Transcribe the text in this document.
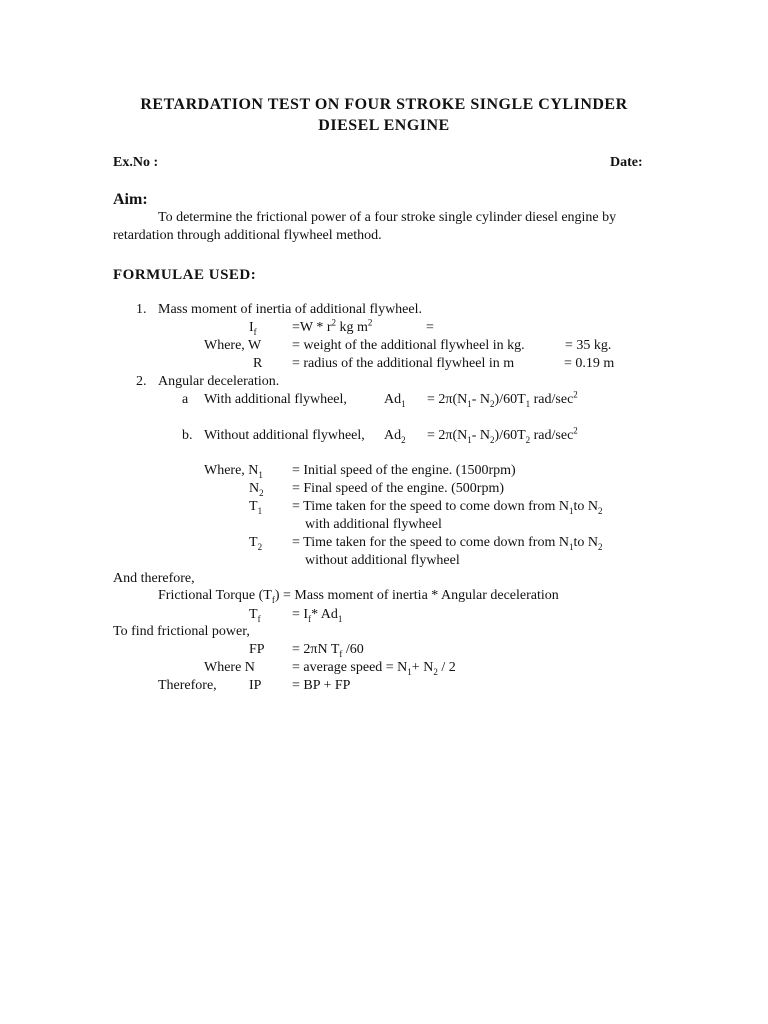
RETARDATION TEST ON FOUR STROKE SINGLE CYLINDER
DIESEL ENGINE
Ex.No :	Date:
Aim:
To determine the frictional power of a four stroke single cylinder diesel engine by
retardation through additional flywheel method.
FORMULAE USED:
1. Mass moment of inertia of additional flywheel.
$I_f$	$=W * r^2$ kg $m^2$	=
Where, W = weight of the additional flywheel in kg.	= 35 kg.
R = radius of the additional flywheel in m	= 0.19 m
2. Angular deceleration.
a With additional flywheel,	$Ad_1 = 2\pi(N_1-$ $N_2)/60T_1$ rad/$\sec^2$
b. Without additional flywheel, $Ad_2 = 2\pi(N_1-$ $N_2)/60T_2$ rad/$\sec^2$
Where, $N_1$ = Initial speed of the engine. (1500rpm)
$N_2$ = Final speed of the engine. (500rpm)
$T_1$ = Time taken for the speed to come down from $N_1to$ $N_2$
with additional flywheel
$T_2$ = Time taken for the speed to come down from $N_1to$ $N_2$
without additional flywheel
And therefore,
Frictional Torque $(T_f)$ = Mass moment of inertia * Angular deceleration
$T_f = I_f*$ $Ad_1$
To find frictional power,
FP = 2πN $T_f$ /60
Where N	= average speed = $N_1+ N_2 / 2$
Therefore, IP = BP + FP
